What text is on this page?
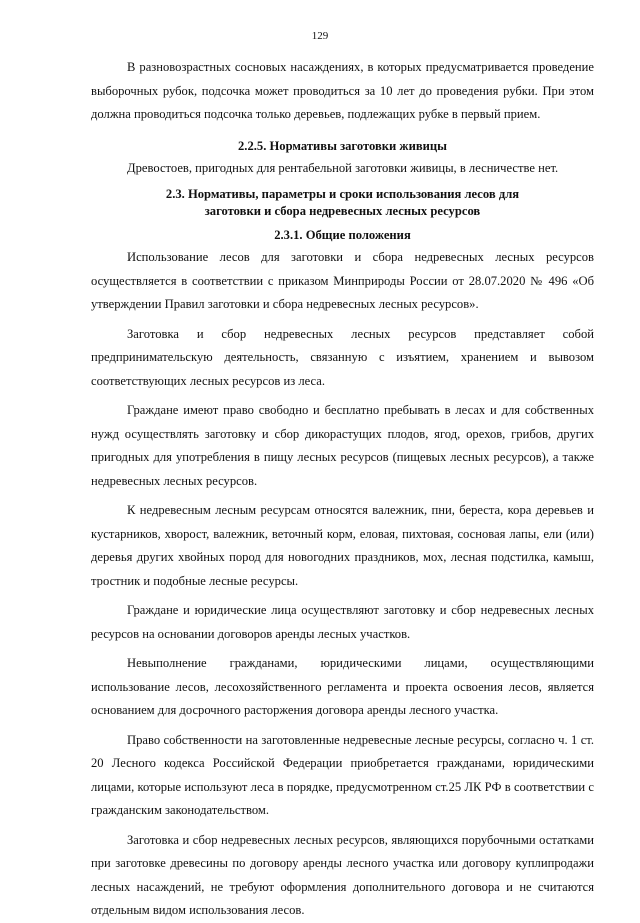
129

В разновозрастных сосновых насаждениях, в которых предусматривается проведение выборочных рубок, подсочка может проводиться за 10 лет до проведения рубки. При этом должна проводиться подсочка только деревьев, подлежащих рубке в первый прием.

2.2.5. Нормативы заготовки живицы

Древостоев, пригодных для рентабельной заготовки живицы, в лесничестве нет.

2.3. Нормативы, параметры и сроки использования лесов для
заготовки и сбора недревесных лесных ресурсов
2.3.1. Общие положения

Использование лесов для заготовки и сбора недревесных лесных ресурсов осуществляется в соответствии с приказом Минприроды России от 28.07.2020 № 496 «Об утверждении Правил заготовки и сбора недревесных лесных ресурсов».

Заготовка и сбор недревесных лесных ресурсов представляет собой предпринимательскую деятельность, связанную с изъятием, хранением и вывозом соответствующих лесных ресурсов из леса.

Граждане имеют право свободно и бесплатно пребывать в лесах и для собственных нужд осуществлять заготовку и сбор дикорастущих плодов, ягод, орехов, грибов, других пригодных для употребления в пищу лесных ресурсов (пищевых лесных ресурсов), а также недревесных лесных ресурсов.

К недревесным лесным ресурсам относятся валежник, пни, береста, кора деревьев и кустарников, хворост, валежник, веточный корм, еловая, пихтовая, сосновая лапы, ели (или) деревья других хвойных пород для новогодних праздников, мох, лесная подстилка, камыш, тростник и подобные лесные ресурсы.

Граждане и юридические лица осуществляют заготовку и сбор недревесных лесных ресурсов на основании договоров аренды лесных участков.

Невыполнение гражданами, юридическими лицами, осуществляющими использование лесов, лесохозяйственного регламента и проекта освоения лесов, является основанием для досрочного расторжения договора аренды лесного участка.

Право собственности на заготовленные недревесные лесные ресурсы, согласно ч. 1 ст. 20 Лесного кодекса Российской Федерации приобретается гражданами, юридическими лицами, которые используют леса в порядке, предусмотренном ст.25 ЛК РФ в соответствии с гражданским законодательством.

Заготовка и сбор недревесных лесных ресурсов, являющихся порубочными остатками при заготовке древесины по договору аренды лесного участка или договору куплипродажи лесных насаждений, не требуют оформления дополнительного договора и не считаются отдельным видом использования лесов.
